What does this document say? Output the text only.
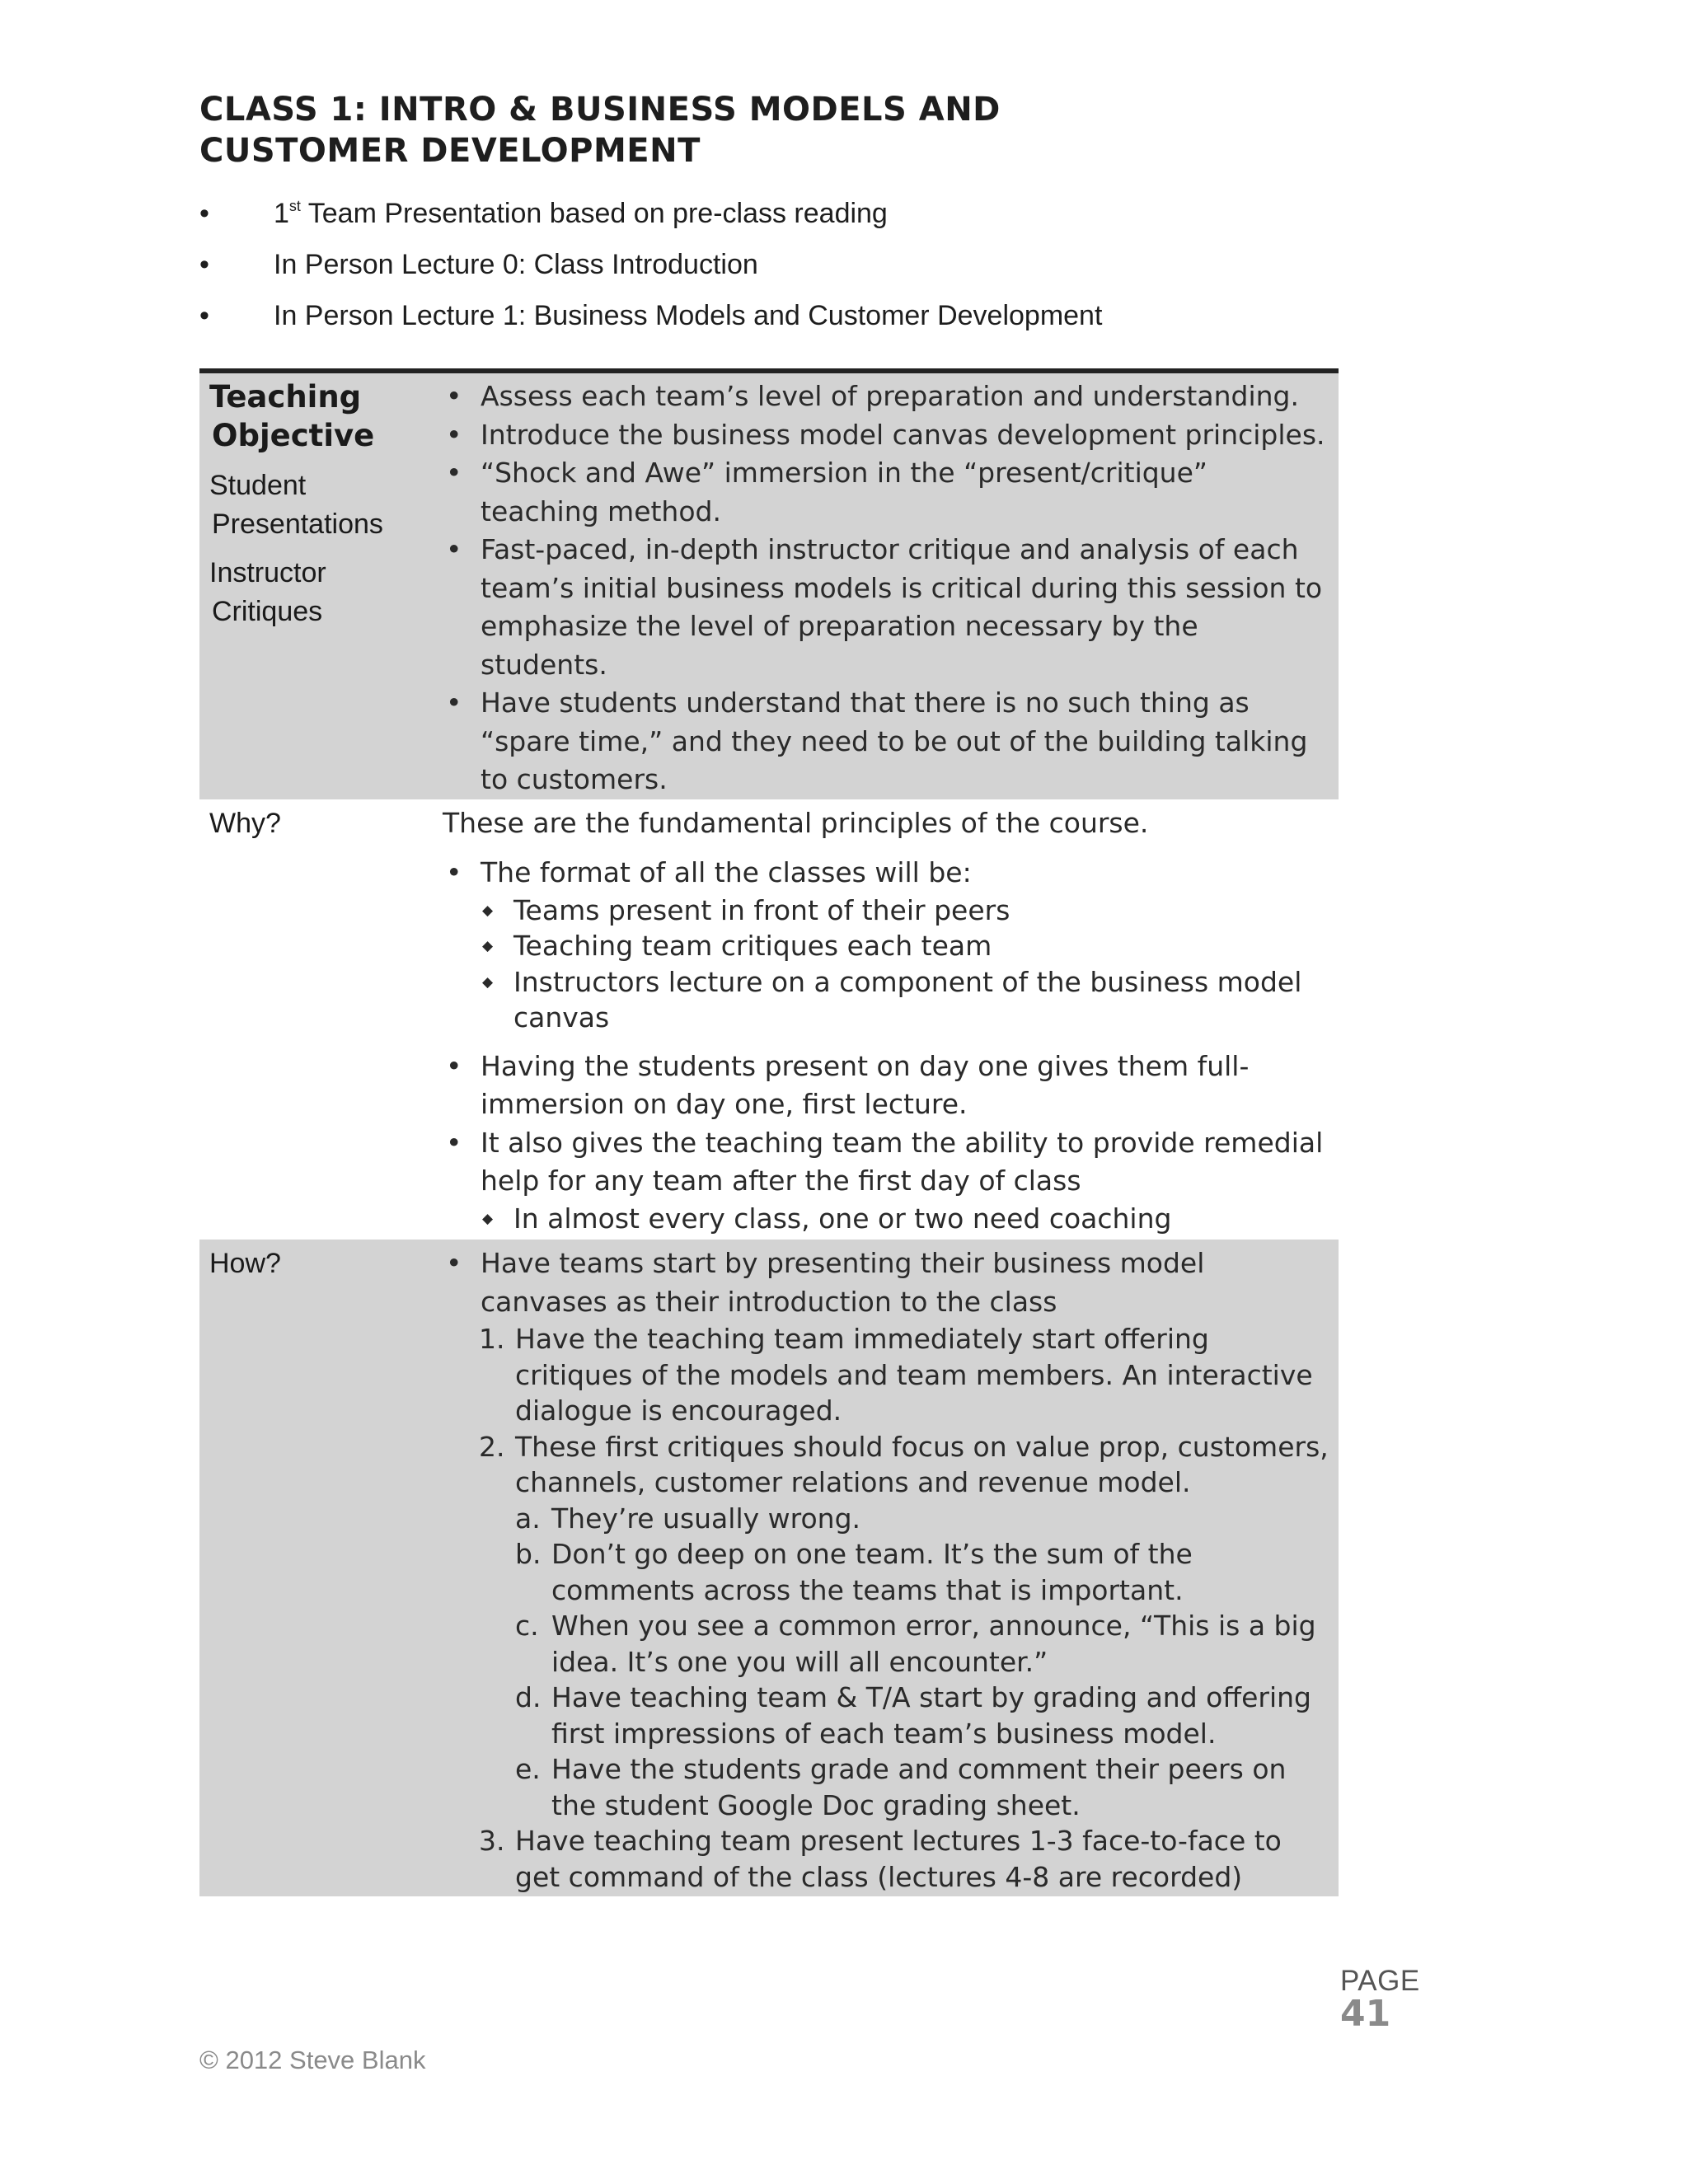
CLASS 1: INTRO & BUSINESS MODELS AND
CUSTOMER DEVELOPMENT
• 1st Team Presentation based on pre-class reading
• In Person Lecture 0: Class Introduction
• In Person Lecture 1: Business Models and Customer Development
Teaching
Objective
Student
Presentations
Instructor
Critiques
• Assess each team’s level of preparation and understanding.
• Introduce the business model canvas development principles.
• “Shock and Awe” immersion in the “present/critique” teaching method.
• Fast-paced, in-depth instructor critique and analysis of each team’s initial business models is critical during this session to emphasize the level of preparation necessary by the students.
• Have students understand that there is no such thing as “spare time,” and they need to be out of the building talking to customers.
Why?	These are the fundamental principles of the course.
• The format of all the classes will be:
◆ Teams present in front of their peers
◆ Teaching team critiques each team
◆ Instructors lecture on a component of the business model canvas
• Having the students present on day one gives them full-immersion on day one, first lecture.
• It also gives the teaching team the ability to provide remedial help for any team after the first day of class
◆ In almost every class, one or two need coaching
How?
•	Have teams start by presenting their business model canvases as their introduction to the class
1. Have the teaching team immediately start offering critiques of the models and team members. An interactive dialogue is encouraged.
2. These first critiques should focus on value prop, customers, channels, customer relations and revenue model.
a. They’re usually wrong.
b. Don’t go deep on one team. It’s the sum of the comments across the teams that is important.
c. When you see a common error, announce, “This is a big idea. It’s one you will all encounter.”
d. Have teaching team & T/A start by grading and offering first impressions of each team’s business model.
e. Have the students grade and comment their peers on the student Google Doc grading sheet.
3. Have teaching team present lectures 1-3 face-to-face to get command of the class (lectures 4-8 are recorded)
PAGE
41
© 2012 Steve Blank
